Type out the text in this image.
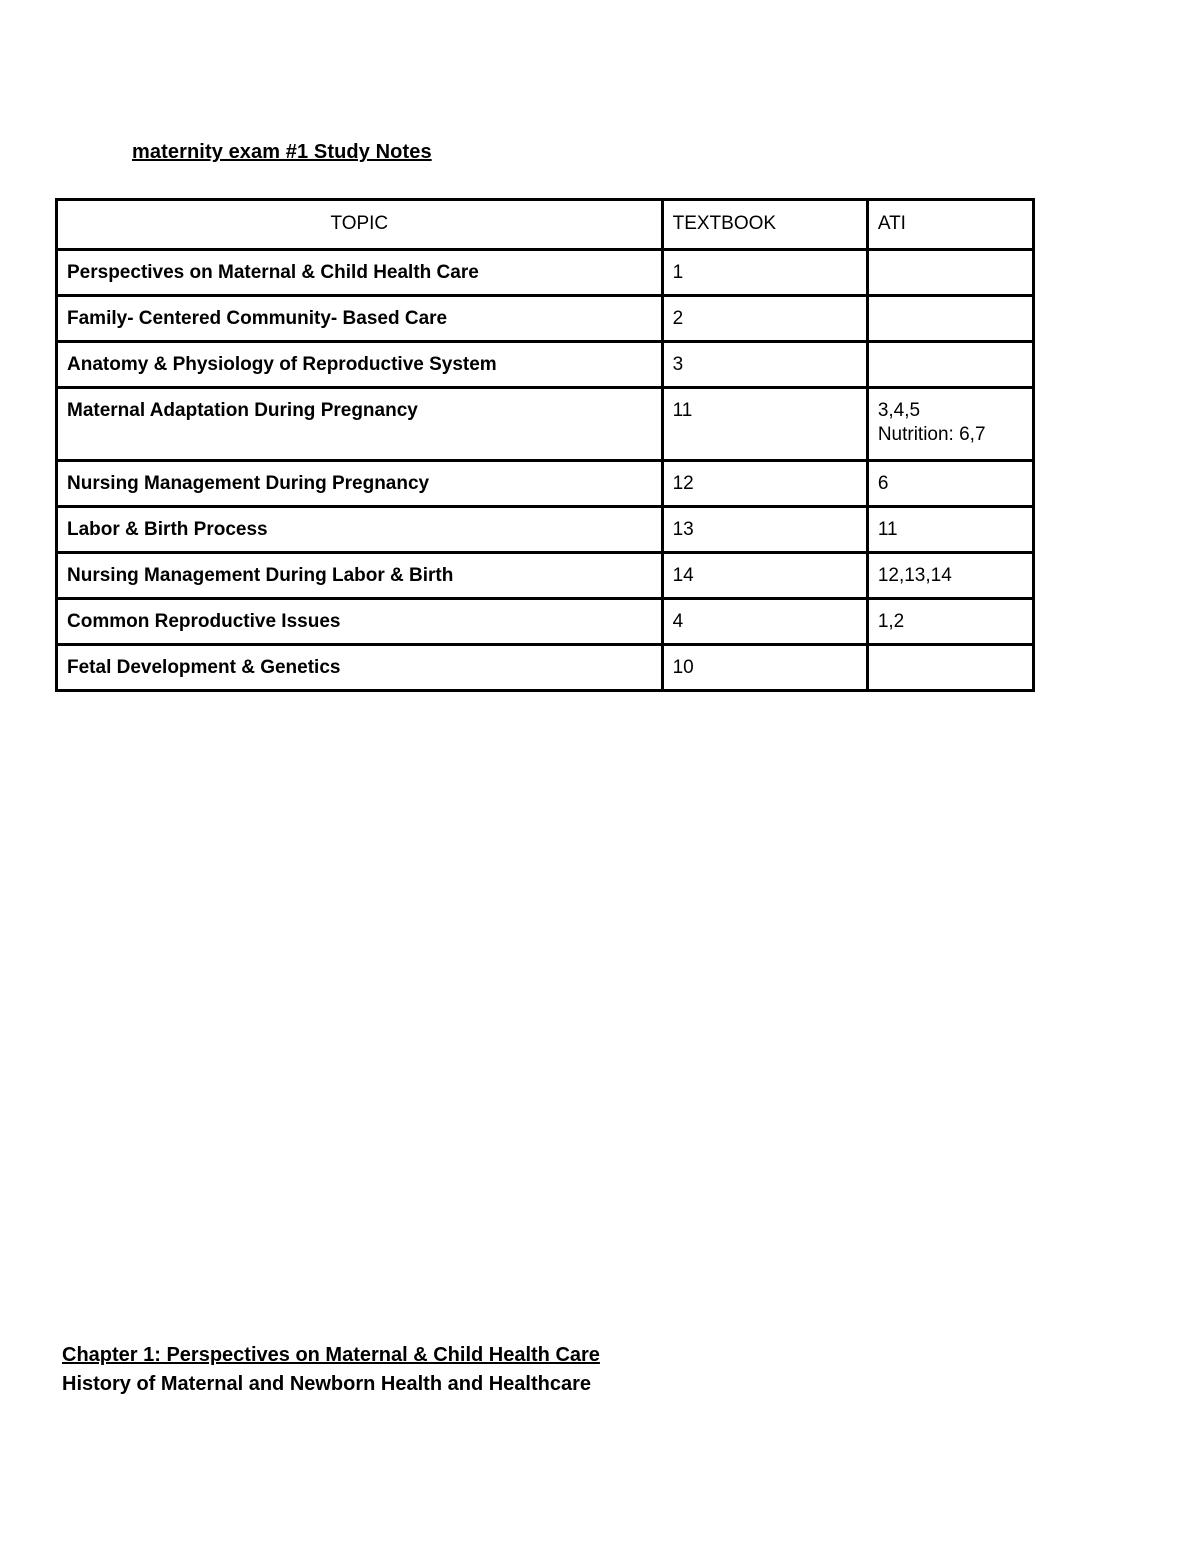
maternity exam #1 Study Notes
TOPIC	TEXTBOOK	ATI
Perspectives on Maternal & Child Health Care	1	

Family- Centered Community- Based Care	2	

Anatomy & Physiology of Reproductive System	3	

Maternal Adaptation During Pregnancy	11	3,4,5
Nutrition: 6,7

Nursing Management During Pregnancy	12	6

Labor & Birth Process	13	11

Nursing Management During Labor & Birth	14	12,13,14

Common Reproductive Issues	4	1,2

Fetal Development & Genetics	10	
Chapter 1: Perspectives on Maternal & Child Health Care
History of Maternal and Newborn Health and Healthcare
